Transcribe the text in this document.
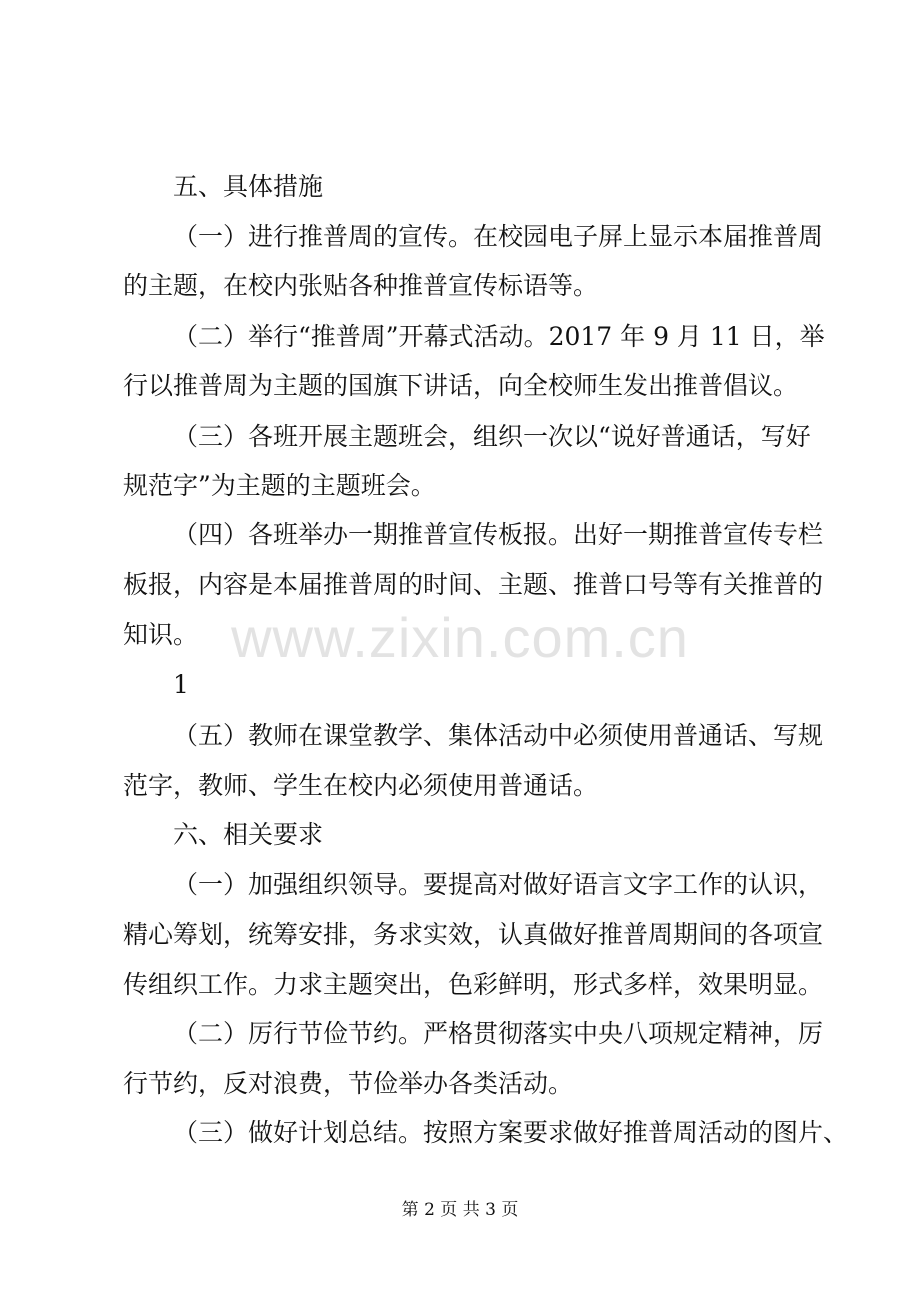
www.zixin.com.cn
五、具体措施
（一）进行推普周的宣传。在校园电子屏上显示本届推普周
的主题，在校内张贴各种推普宣传标语等。
（二）举行“推普周”开幕式活动。2017 年 9 月 11 日，举
行以推普周为主题的国旗下讲话，向全校师生发出推普倡议。
（三）各班开展主题班会，组织一次以“说好普通话，写好
规范字”为主题的主题班会。
（四）各班举办一期推普宣传板报。出好一期推普宣传专栏
板报，内容是本届推普周的时间、主题、推普口号等有关推普的
知识。
1
（五）教师在课堂教学、集体活动中必须使用普通话、写规
范字，教师、学生在校内必须使用普通话。
六、相关要求
（一）加强组织领导。要提高对做好语言文字工作的认识，
精心筹划，统筹安排，务求实效，认真做好推普周期间的各项宣
传组织工作。力求主题突出，色彩鲜明，形式多样，效果明显。
（二）厉行节俭节约。严格贯彻落实中央八项规定精神，厉
行节约，反对浪费，节俭举办各类活动。
（三）做好计划总结。按照方案要求做好推普周活动的图片、
第 2 页 共 3 页
